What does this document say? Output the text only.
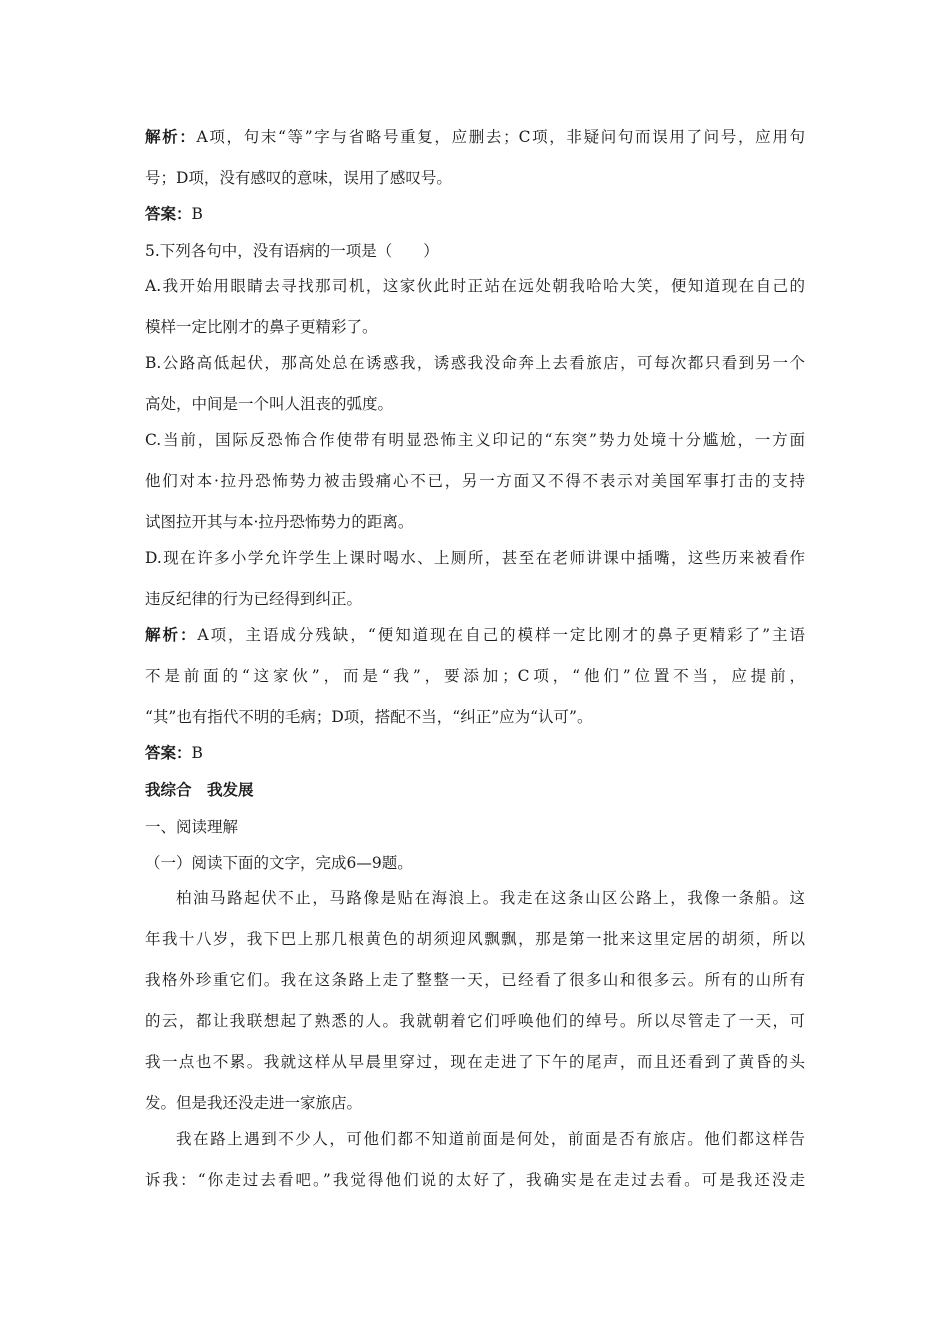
解析：A项，句末“等”字与省略号重复，应删去；C项，非疑问句而误用了问号，应用句

号；D项，没有感叹的意味，误用了感叹号。

答案：B

5.下列各句中，没有语病的一项是（　　）

A.我开始用眼睛去寻找那司机，这家伙此时正站在远处朝我哈哈大笑，便知道现在自己的

模样一定比刚才的鼻子更精彩了。

B.公路高低起伏，那高处总在诱惑我，诱惑我没命奔上去看旅店，可每次都只看到另一个

高处，中间是一个叫人沮丧的弧度。

C.当前，国际反恐怖合作使带有明显恐怖主义印记的“东突”势力处境十分尴尬，一方面

他们对本·拉丹恐怖势力被击毁痛心不已，另一方面又不得不表示对美国军事打击的支持

试图拉开其与本·拉丹恐怖势力的距离。

D.现在许多小学允许学生上课时喝水、上厕所，甚至在老师讲课中插嘴，这些历来被看作

违反纪律的行为已经得到纠正。

解析：A项，主语成分残缺，“便知道现在自己的模样一定比刚才的鼻子更精彩了”主语

不是前面的“这家伙”，而是“我”，要添加；C项，“他们”位置不当，应提前，

“其”也有指代不明的毛病；D项，搭配不当，“纠正”应为“认可”。

答案：B

我综合　我发展

一、阅读理解

（一）阅读下面的文字，完成6—9题。

柏油马路起伏不止，马路像是贴在海浪上。我走在这条山区公路上，我像一条船。这

年我十八岁，我下巴上那几根黄色的胡须迎风飘飘，那是第一批来这里定居的胡须，所以

我格外珍重它们。我在这条路上走了整整一天，已经看了很多山和很多云。所有的山所有

的云，都让我联想起了熟悉的人。我就朝着它们呼唤他们的绰号。所以尽管走了一天，可

我一点也不累。我就这样从早晨里穿过，现在走进了下午的尾声，而且还看到了黄昏的头

发。但是我还没走进一家旅店。

我在路上遇到不少人，可他们都不知道前面是何处，前面是否有旅店。他们都这样告

诉我：“你走过去看吧。”我觉得他们说的太好了，我确实是在走过去看。可是我还没走
